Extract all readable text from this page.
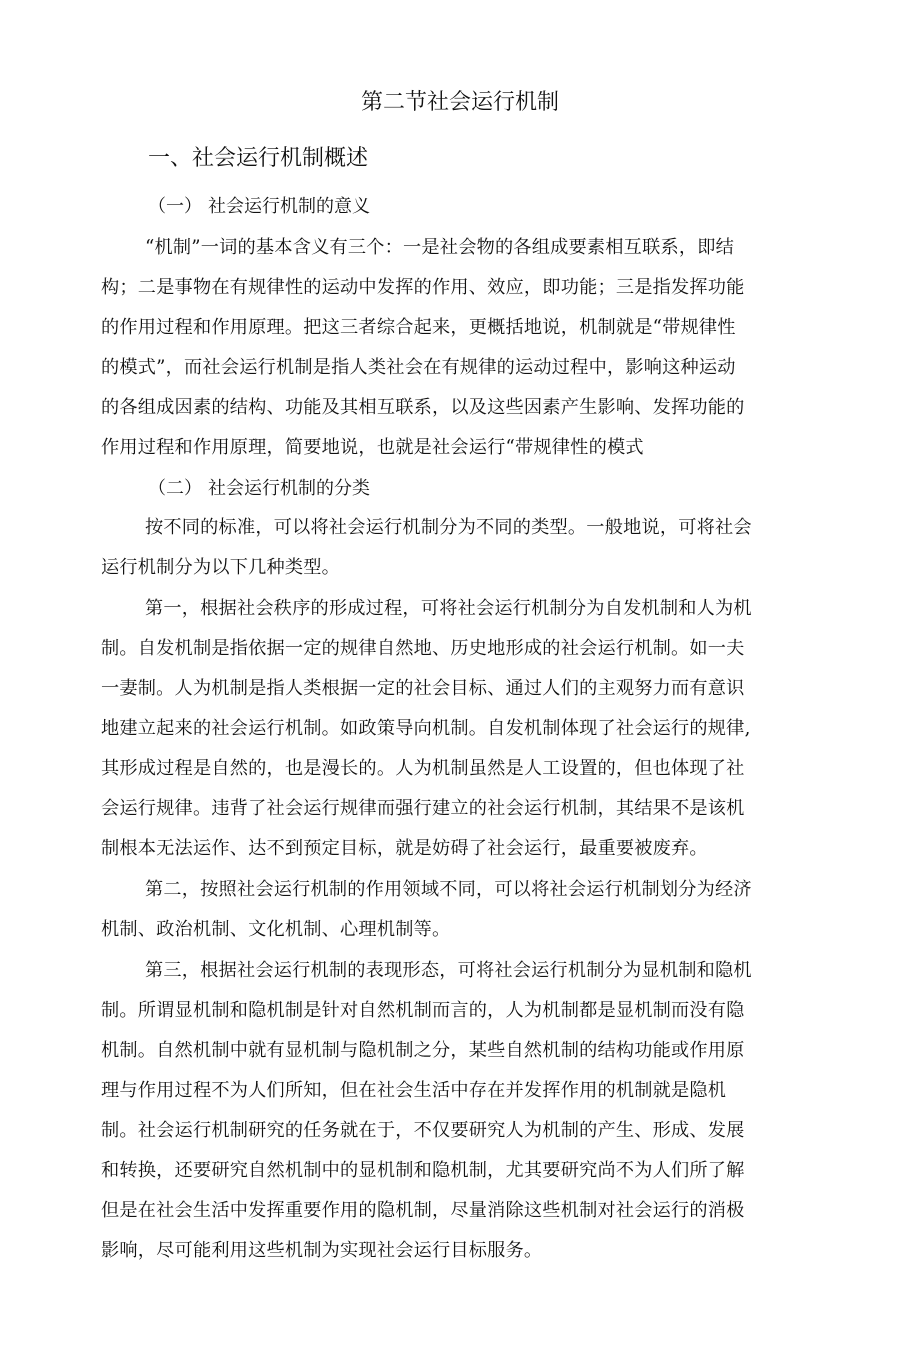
第二节社会运行机制
一、社会运行机制概述
（一） 社会运行机制的意义
“机制”一词的基本含义有三个：一是社会物的各组成要素相互联系，即结
构；二是事物在有规律性的运动中发挥的作用、效应，即功能；三是指发挥功能
的作用过程和作用原理。把这三者综合起来，更概括地说，机制就是“带规律性
的模式”，而社会运行机制是指人类社会在有规律的运动过程中，影响这种运动
的各组成因素的结构、功能及其相互联系，以及这些因素产生影响、发挥功能的
作用过程和作用原理，简要地说，也就是社会运行“带规律性的模式
（二） 社会运行机制的分类
按不同的标准，可以将社会运行机制分为不同的类型。一般地说，可将社会
运行机制分为以下几种类型。
第一，根据社会秩序的形成过程，可将社会运行机制分为自发机制和人为机
制。自发机制是指依据一定的规律自然地、历史地形成的社会运行机制。如一夫
一妻制。人为机制是指人类根据一定的社会目标、通过人们的主观努力而有意识
地建立起来的社会运行机制。如政策导向机制。自发机制体现了社会运行的规律,
其形成过程是自然的，也是漫长的。人为机制虽然是人工设置的，但也体现了社
会运行规律。违背了社会运行规律而强行建立的社会运行机制，其结果不是该机
制根本无法运作、达不到预定目标，就是妨碍了社会运行，最重要被废弃。
第二，按照社会运行机制的作用领域不同，可以将社会运行机制划分为经济
机制、政治机制、文化机制、心理机制等。
第三，根据社会运行机制的表现形态，可将社会运行机制分为显机制和隐机
制。所谓显机制和隐机制是针对自然机制而言的，人为机制都是显机制而没有隐
机制。自然机制中就有显机制与隐机制之分，某些自然机制的结构功能或作用原
理与作用过程不为人们所知，但在社会生活中存在并发挥作用的机制就是隐机
制。社会运行机制研究的任务就在于，不仅要研究人为机制的产生、形成、发展
和转换，还要研究自然机制中的显机制和隐机制，尤其要研究尚不为人们所了解
但是在社会生活中发挥重要作用的隐机制，尽量消除这些机制对社会运行的消极
影响，尽可能利用这些机制为实现社会运行目标服务。
